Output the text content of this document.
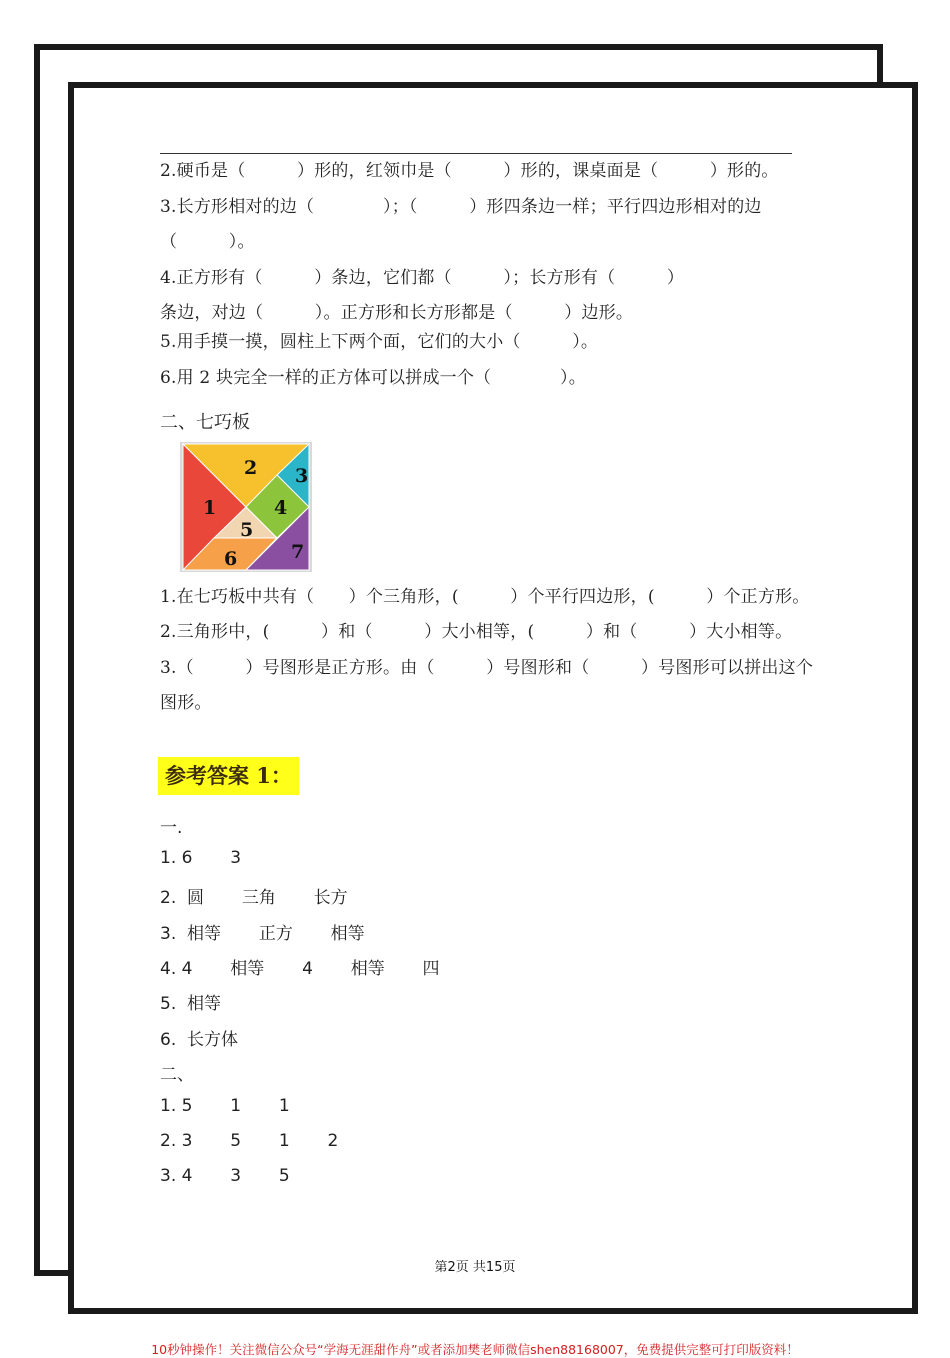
2.硬币是（　　　）形的，红领巾是（　　　）形的，课桌面是（　　　）形的。
3.长方形相对的边（　　　　）；（　　　）形四条边一样；平行四边形相对的边
（　　　）。
4.正方形有（　　　）条边，它们都（　　　）；长方形有（　　　）
条边，对边（　　　）。正方形和长方形都是（　　　）边形。
5.用手摸一摸，圆柱上下两个面，它们的大小（　　　）。
6.用 2 块完全一样的正方体可以拼成一个（　　　　）。
二、七巧板
1
2 3
4
5
6	7
1.在七巧板中共有（　　）个三角形，(　　　）个平行四边形，(　　　）个正方形。
2.三角形中，(　　　）和（　　　）大小相等，(　　　）和（　　　）大小相等。
3.（　　　）号图形是正方形。由（　　　）号图形和（　　　）号图形可以拼出这个
图形。
参考答案 1：
一.
1. 6       3
2.  圆       三角       长方
3.  相等       正方       相等
4. 4       相等       4       相等       四
5.  相等
6.  长方体
二、
1. 5       1       1
2. 3       5       1       2
3. 4       3       5
第2页 共15页
10秒钟操作！关注微信公众号“学海无涯甜作舟”或者添加樊老师微信shen88168007，免费提供完整可打印版资料！
